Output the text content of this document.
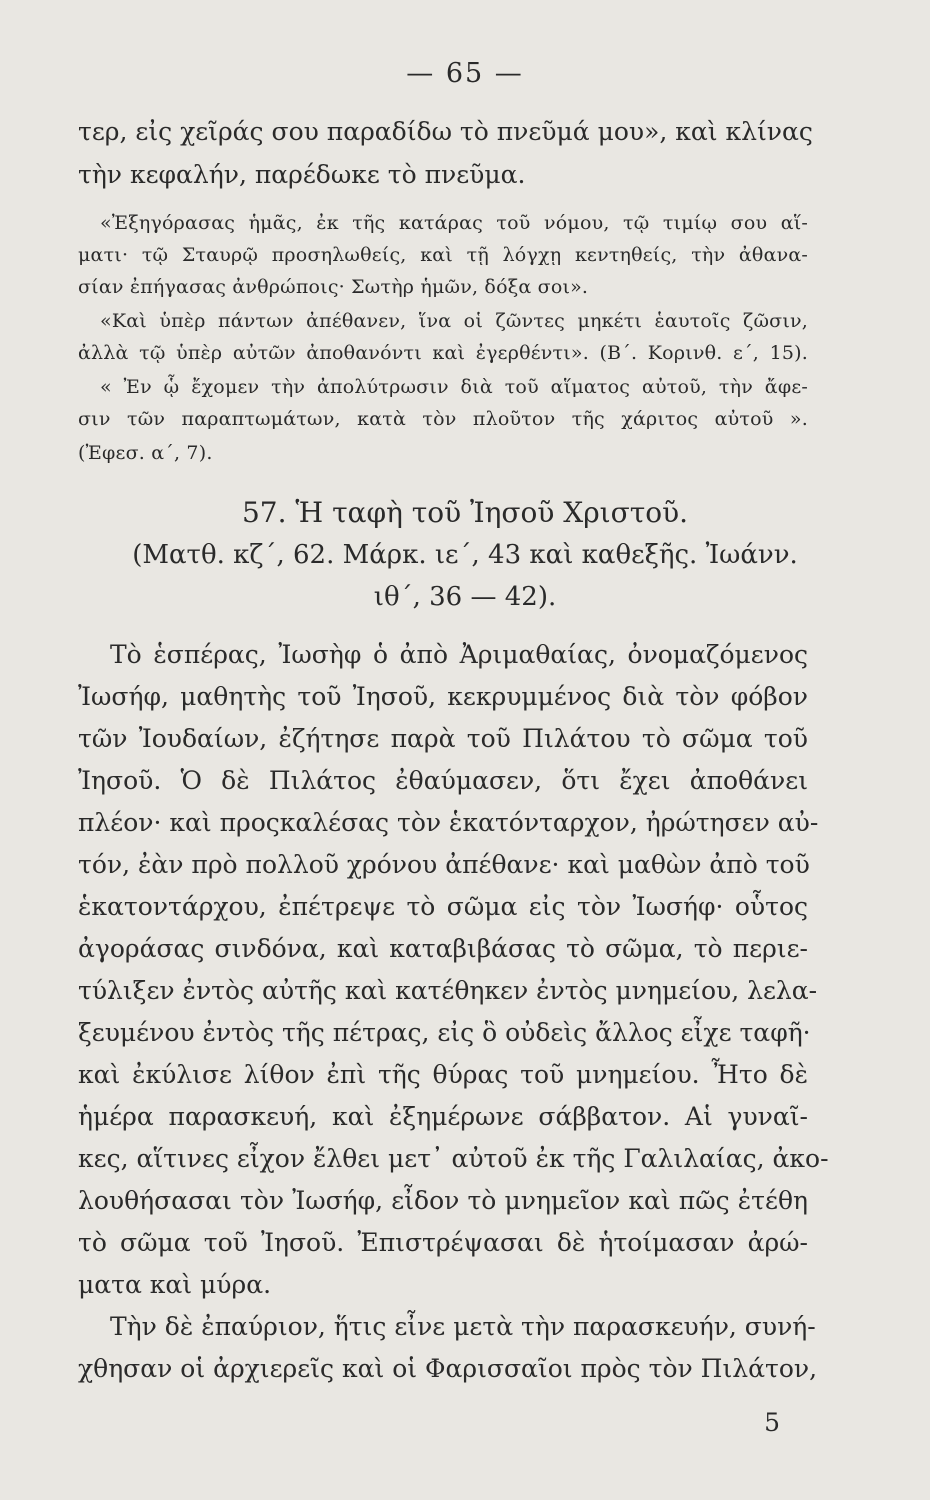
— 65 —
τερ, εἰς χεῖράς σου παραδίδω τὸ πνεῦμά μου», καὶ κλίνας
τὴν κεφαλήν, παρέδωκε τὸ πνεῦμα.
«Ἐξηγόρασας ἡμᾶς, ἐκ τῆς κατάρας τοῦ νόμου, τῷ τιμίῳ σου αἵ-
ματι· τῷ Σταυρῷ προσηλωθείς, καὶ τῇ λόγχῃ κεντηθείς, τὴν ἀθανα-
σίαν ἐπήγασας ἀνθρώποις· Σωτὴρ ἡμῶν, δόξα σοι».
«Καὶ ὑπὲρ πάντων ἀπέθανεν, ἵνα οἱ ζῶντες μηκέτι ἑαυτοῖς ζῶσιν,
ἀλλὰ τῷ ὑπὲρ αὐτῶν ἀποθανόντι καὶ ἐγερθέντι». (Β΄. Κορινθ. ε΄, 15).
« Ἐν ᾧ ἔχομεν τὴν ἀπολύτρωσιν διὰ τοῦ αἵματος αὐτοῦ, τὴν ἄφε-
σιν τῶν παραπτωμάτων, κατὰ τὸν πλοῦτον τῆς χάριτος αὐτοῦ ».
(Ἐφεσ. α΄, 7).
57. Ἡ ταφὴ τοῦ Ἰησοῦ Χριστοῦ.
(Ματθ. κζ΄, 62. Μάρκ. ιε΄, 43 καὶ καθεξῆς. Ἰωάνν.
ιθ΄, 36 — 42).
Τὸ ἑσπέρας, Ἰωσὴφ ὁ ἀπὸ Ἀριμαθαίας, ὀνομαζόμενος
Ἰωσήφ, μαθητὴς τοῦ Ἰησοῦ, κεκρυμμένος διὰ τὸν φόβον
τῶν Ἰουδαίων, ἐζήτησε παρὰ τοῦ Πιλάτου τὸ σῶμα τοῦ
Ἰησοῦ. Ὁ δὲ Πιλάτος ἐθαύμασεν, ὅτι ἔχει ἀποθάνει
πλέον· καὶ προςκαλέσας τὸν ἑκατόνταρχον, ἠρώτησεν αὐ-
τόν, ἐὰν πρὸ πολλοῦ χρόνου ἀπέθανε· καὶ μαθὼν ἀπὸ τοῦ
ἑκατοντάρχου, ἐπέτρεψε τὸ σῶμα εἰς τὸν Ἰωσήφ· οὗτος
ἀγοράσας σινδόνα, καὶ καταβιβάσας τὸ σῶμα, τὸ περιε-
τύλιξεν ἐντὸς αὐτῆς καὶ κατέθηκεν ἐντὸς μνημείου, λελα-
ξευμένου ἐντὸς τῆς πέτρας, εἰς ὃ οὐδεὶς ἄλλος εἶχε ταφῆ·
καὶ ἐκύλισε λίθον ἐπὶ τῆς θύρας τοῦ μνημείου. Ἦτο δὲ
ἡμέρα παρασκευή, καὶ ἐξημέρωνε σάββατον. Αἱ γυναῖ-
κες, αἵτινες εἶχον ἔλθει μετ᾽ αὐτοῦ ἐκ τῆς Γαλιλαίας, ἀκο-
λουθήσασαι τὸν Ἰωσήφ, εἶδον τὸ μνημεῖον καὶ πῶς ἐτέθη
τὸ σῶμα τοῦ Ἰησοῦ. Ἐπιστρέψασαι δὲ ἡτοίμασαν ἀρώ-
ματα καὶ μύρα.
Τὴν δὲ ἐπαύριον, ἥτις εἶνε μετὰ τὴν παρασκευήν, συνή-
χθησαν οἱ ἀρχιερεῖς καὶ οἱ Φαρισσαῖοι πρὸς τὸν Πιλάτον,
5
